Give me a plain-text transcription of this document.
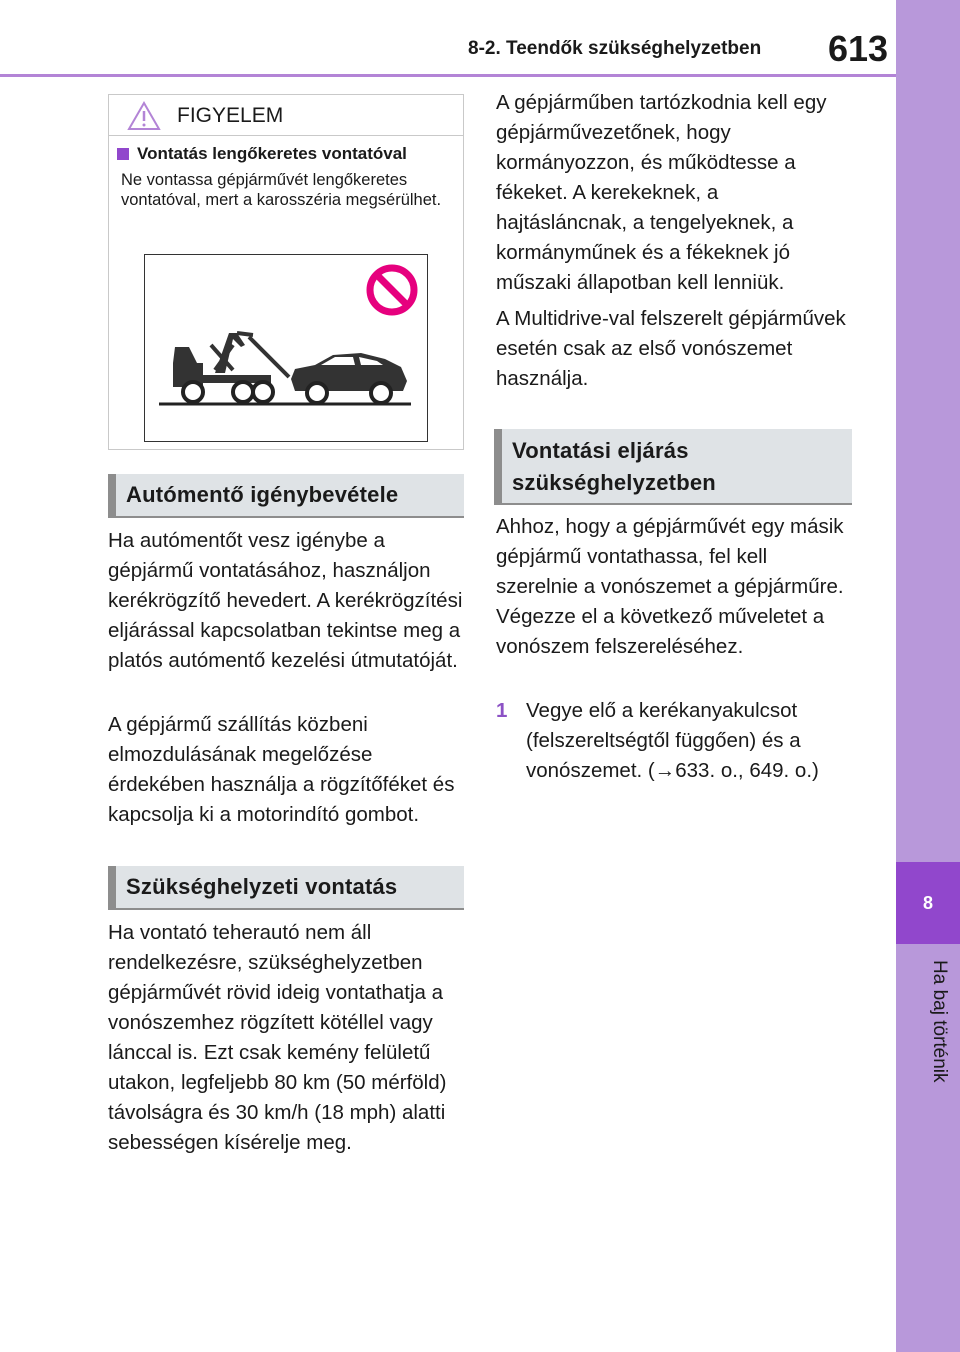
8-2. Teendők szükséghelyzetben 613
8
Ha baj történik
FIGYELEM
Vontatás lengőkeretes vontatóval
Ne vontassa gépjárművét lengőkeretes vontatóval, mert a karosszéria megsérülhet.
Autómentő igénybevétele

Ha autómentőt vesz igénybe a gépjármű vontatásához, használjon kerékrögzítő hevedert. A kerékrögzítési eljárással kapcsolatban tekintse meg a platós autómentő kezelési útmutatóját.

A gépjármű szállítás közbeni elmozdulásának megelőzése érdekében használja a rögzítőféket és kapcsolja ki a motorindító gombot.

Szükséghelyzeti vontatás

Ha vontató teherautó nem áll rendelkezésre, szükséghelyzetben gépjárművét rövid ideig vontathatja a vonószemhez rögzített kötéllel vagy lánccal is. Ezt csak kemény felületű utakon, legfeljebb 80 km (50 mérföld) távolságra és 30 km/h (18 mph) alatti sebességen kísérelje meg.

A gépjárműben tartózkodnia kell egy gépjárművezetőnek, hogy kormányozzon, és működtesse a fékeket. A kerekeknek, a hajtásláncnak, a tengelyeknek, a kormányműnek és a fékeknek jó műszaki állapotban kell lenniük.

A Multidrive-val felszerelt gépjárművek esetén csak az első vonószemet használja.

Vontatási eljárás szükséghelyzetben

Ahhoz, hogy a gépjárművét egy másik gépjármű vontathassa, fel kell szerelnie a vonószemet a gépjárműre. Végezze el a következő műveletet a vonószem felszereléséhez.

1 Vegye elő a kerékanyakulcsot (felszereltségtől függően) és a vonószemet. (→633. o., 649. o.)
